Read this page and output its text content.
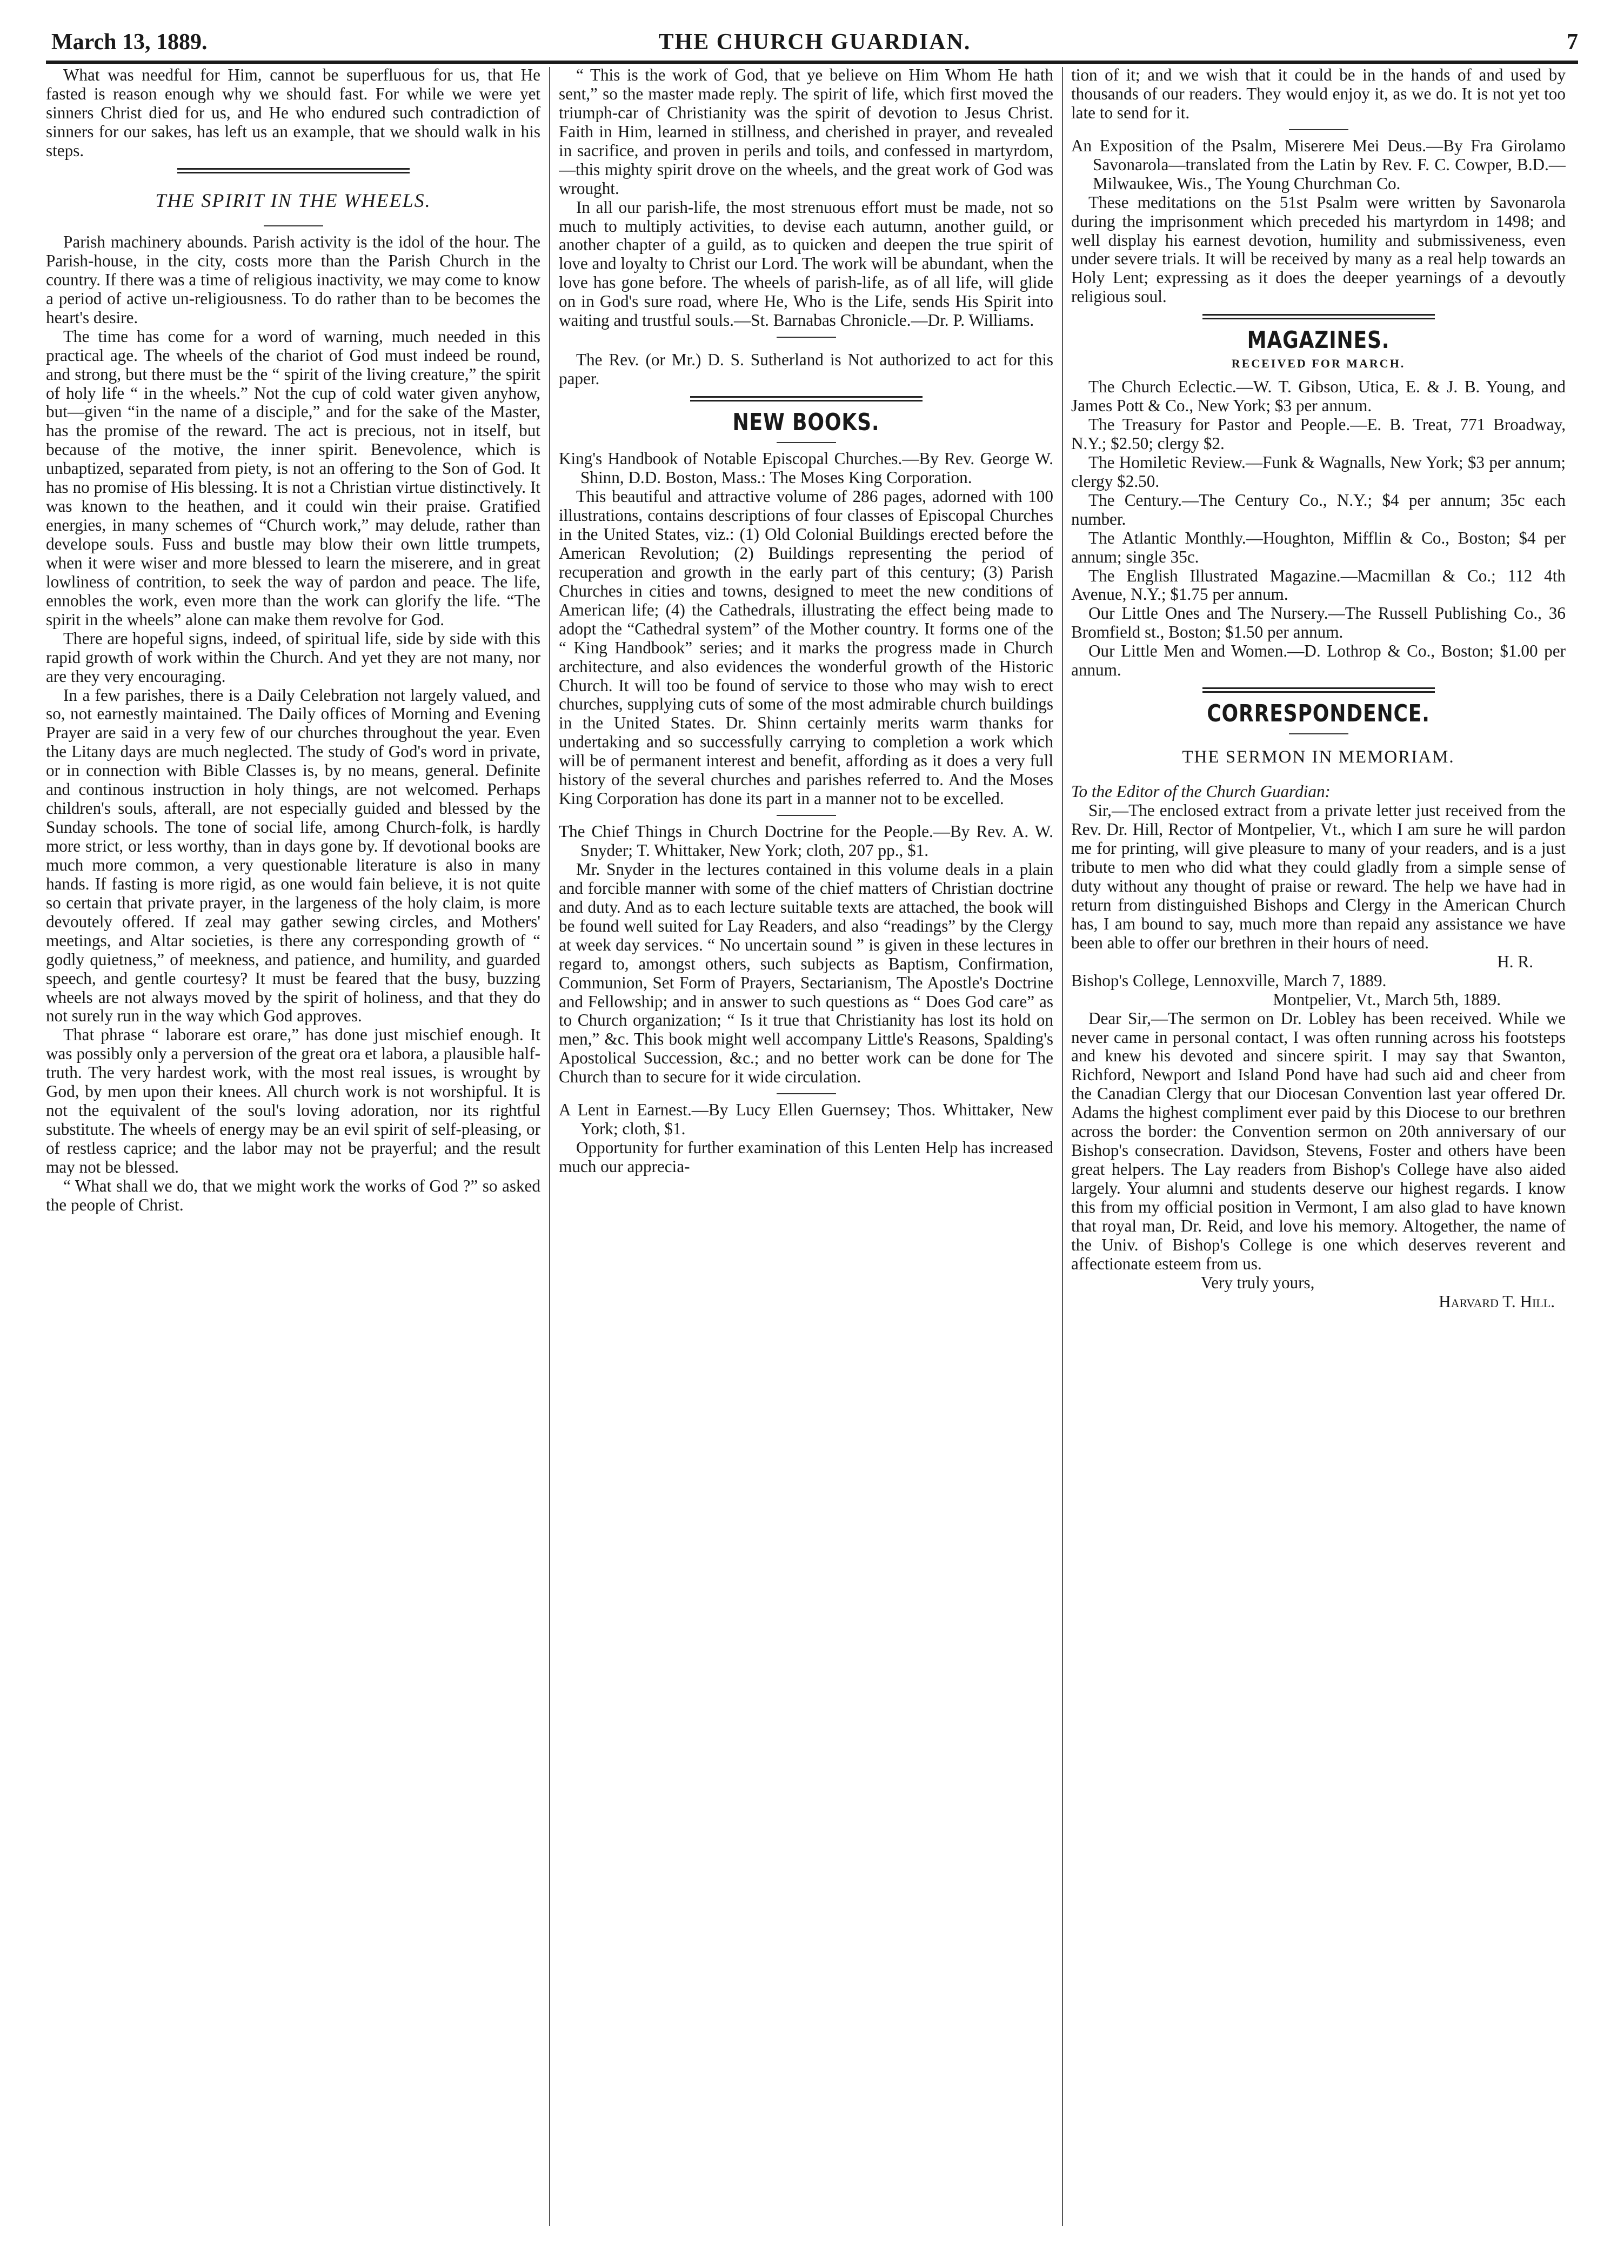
March 13, 1889.	THE CHURCH GUARDIAN.	7

What was needful for Him, cannot be superfluous for us, that He fasted is reason enough why we should fast. For while we were yet sinners Christ died for us, and He who endured such contradiction of sinners for our sakes, has left us an example, that we should walk in his steps.

THE SPIRIT IN THE WHEELS.

Parish machinery abounds. Parish activity is the idol of the hour. The Parish-house, in the city, costs more than the Parish Church in the country. If there was a time of religious inactivity, we may come to know a period of active un-religiousness. To do rather than to be becomes the heart's desire.

The time has come for a word of warning, much needed in this practical age. The wheels of the chariot of God must indeed be round, and strong, but there must be the “ spirit of the living creature,” the spirit of holy life “ in the wheels.” Not the cup of cold water given anyhow, but—given “in the name of a disciple,” and for the sake of the Master, has the promise of the reward. The act is precious, not in itself, but because of the motive, the inner spirit. Benevolence, which is unbaptized, separated from piety, is not an offering to the Son of God. It has no promise of His blessing. It is not a Christian virtue distinctively. It was known to the heathen, and it could win their praise. Gratified energies, in many schemes of “Church work,” may delude, rather than develope souls. Fuss and bustle may blow their own little trumpets, when it were wiser and more blessed to learn the miserere, and in great lowliness of contrition, to seek the way of pardon and peace. The life, ennobles the work, even more than the work can glorify the life. “The spirit in the wheels” alone can make them revolve for God.

There are hopeful signs, indeed, of spiritual life, side by side with this rapid growth of work within the Church. And yet they are not many, nor are they very encouraging.

In a few parishes, there is a Daily Celebration not largely valued, and so, not earnestly maintained. The Daily offices of Morning and Evening Prayer are said in a very few of our churches throughout the year. Even the Litany days are much neglected. The study of God's word in private, or in connection with Bible Classes is, by no means, general. Definite and continous instruction in holy things, are not welcomed. Perhaps children's souls, afterall, are not especially guided and blessed by the Sunday schools. The tone of social life, among Church-folk, is hardly more strict, or less worthy, than in days gone by. If devotional books are much more common, a very questionable literature is also in many hands. If fasting is more rigid, as one would fain believe, it is not quite so certain that private prayer, in the largeness of the holy claim, is more devoutely offered. If zeal may gather sewing circles, and Mothers' meetings, and Altar societies, is there any corresponding growth of “ godly quietness,” of meekness, and patience, and humility, and guarded speech, and gentle courtesy? It must be feared that the busy, buzzing wheels are not always moved by the spirit of holiness, and that they do not surely run in the way which God approves.

That phrase “ laborare est orare,” has done just mischief enough. It was possibly only a perversion of the great ora et labora, a plausible half-truth. The very hardest work, with the most real issues, is wrought by God, by men upon their knees. All church work is not worshipful. It is not the equivalent of the soul's loving adoration, nor its rightful substitute. The wheels of energy may be an evil spirit of self-pleasing, or of restless caprice; and the labor may not be prayerful; and the result may not be blessed.

“ What shall we do, that we might work the works of God ?” so asked the people of Christ.

“ This is the work of God, that ye believe on Him Whom He hath sent,” so the master made reply. The spirit of life, which first moved the triumph-car of Christianity was the spirit of devotion to Jesus Christ. Faith in Him, learned in stillness, and cherished in prayer, and revealed in sacrifice, and proven in perils and toils, and confessed in martyrdom,—this mighty spirit drove on the wheels, and the great work of God was wrought.

In all our parish-life, the most strenuous effort must be made, not so much to multiply activities, to devise each autumn, another guild, or another chapter of a guild, as to quicken and deepen the true spirit of love and loyalty to Christ our Lord. The work will be abundant, when the love has gone before. The wheels of parish-life, as of all life, will glide on in God's sure road, where He, Who is the Life, sends His Spirit into waiting and trustful souls.—St. Barnabas Chronicle.—Dr. P. Williams.

The Rev. (or Mr.) D. S. Sutherland is Not authorized to act for this paper.

NEW BOOKS.
King's Handbook of Notable Episcopal Churches.—By Rev. George W. Shinn, D.D. Boston, Mass.: The Moses King Corporation.

This beautiful and attractive volume of 286 pages, adorned with 100 illustrations, contains descriptions of four classes of Episcopal Churches in the United States, viz.: (1) Old Colonial Buildings erected before the American Revolution; (2) Buildings representing the period of recuperation and growth in the early part of this century; (3) Parish Churches in cities and towns, designed to meet the new conditions of American life; (4) the Cathedrals, illustrating the effect being made to adopt the “Cathedral system” of the Mother country. It forms one of the “ King Handbook” series; and it marks the progress made in Church architecture, and also evidences the wonderful growth of the Historic Church. It will too be found of service to those who may wish to erect churches, supplying cuts of some of the most admirable church buildings in the United States. Dr. Shinn certainly merits warm thanks for undertaking and so successfully carrying to completion a work which will be of permanent interest and benefit, affording as it does a very full history of the several churches and parishes referred to. And the Moses King Corporation has done its part in a manner not to be excelled.

The Chief Things in Church Doctrine for the People.—By Rev. A. W. Snyder; T. Whittaker, New York; cloth, 207 pp., $1.

Mr. Snyder in the lectures contained in this volume deals in a plain and forcible manner with some of the chief matters of Christian doctrine and duty. And as to each lecture suitable texts are attached, the book will be found well suited for Lay Readers, and also “readings” by the Clergy at week day services. “ No uncertain sound ” is given in these lectures in regard to, amongst others, such subjects as Baptism, Confirmation, Communion, Set Form of Prayers, Sectarianism, The Apostle's Doctrine and Fellowship; and in answer to such questions as “ Does God care” as to Church organization; “ Is it true that Christianity has lost its hold on men,” &c. This book might well accompany Little's Reasons, Spalding's Apostolical Succession, &c.; and no better work can be done for The Church than to secure for it wide circulation.

A Lent in Earnest.—By Lucy Ellen Guernsey; Thos. Whittaker, New York; cloth, $1.

Opportunity for further examination of this Lenten Help has increased much our apprecia-

tion of it; and we wish that it could be in the hands of and used by thousands of our readers. They would enjoy it, as we do. It is not yet too late to send for it.

An Exposition of the Psalm, Miserere Mei Deus.—By Fra Girolamo Savonarola—translated from the Latin by Rev. F. C. Cowper, B.D.—Milwaukee, Wis., The Young Churchman Co.

These meditations on the 51st Psalm were written by Savonarola during the imprisonment which preceded his martyrdom in 1498; and well display his earnest devotion, humility and submissiveness, even under severe trials. It will be received by many as a real help towards an Holy Lent; expressing as it does the deeper yearnings of a devoutly religious soul.

MAGAZINES.
RECEIVED FOR MARCH.

The Church Eclectic.—W. T. Gibson, Utica, E. & J. B. Young, and James Pott & Co., New York; $3 per annum.

The Treasury for Pastor and People.—E. B. Treat, 771 Broadway, N.Y.; $2.50; clergy $2.

The Homiletic Review.—Funk & Wagnalls, New York; $3 per annum; clergy $2.50.

The Century.—The Century Co., N.Y.; $4 per annum; 35c each number.

The Atlantic Monthly.—Houghton, Mifflin & Co., Boston; $4 per annum; single 35c.

The English Illustrated Magazine.—Macmillan & Co.; 112 4th Avenue, N.Y.; $1.75 per annum.

Our Little Ones and The Nursery.—The Russell Publishing Co., 36 Bromfield st., Boston; $1.50 per annum.

Our Little Men and Women.—D. Lothrop & Co., Boston; $1.00 per annum.

CORRESPONDENCE.
THE SERMON IN MEMORIAM.

To the Editor of the Church Guardian:

Sir,—The enclosed extract from a private letter just received from the Rev. Dr. Hill, Rector of Montpelier, Vt., which I am sure he will pardon me for printing, will give pleasure to many of your readers, and is a just tribute to men who did what they could gladly from a simple sense of duty without any thought of praise or reward. The help we have had in return from distinguished Bishops and Clergy in the American Church has, I am bound to say, much more than repaid any assistance we have been able to offer our brethren in their hours of need.

H. R.

Bishop's College, Lennoxville, March 7, 1889.

Montpelier, Vt., March 5th, 1889.

Dear Sir,—The sermon on Dr. Lobley has been received. While we never came in personal contact, I was often running across his footsteps and knew his devoted and sincere spirit. I may say that Swanton, Richford, Newport and Island Pond have had such aid and cheer from the Canadian Clergy that our Diocesan Convention last year offered Dr. Adams the highest compliment ever paid by this Diocese to our brethren across the border: the Convention sermon on 20th anniversary of our Bishop's consecration. Davidson, Stevens, Foster and others have been great helpers. The Lay readers from Bishop's College have also aided largely. Your alumni and students deserve our highest regards. I know this from my official position in Vermont, I am also glad to have known that royal man, Dr. Reid, and love his memory. Altogether, the name of the Univ. of Bishop's College is one which deserves reverent and affectionate esteem from us.

Very truly yours,
Harvard T. Hill.
